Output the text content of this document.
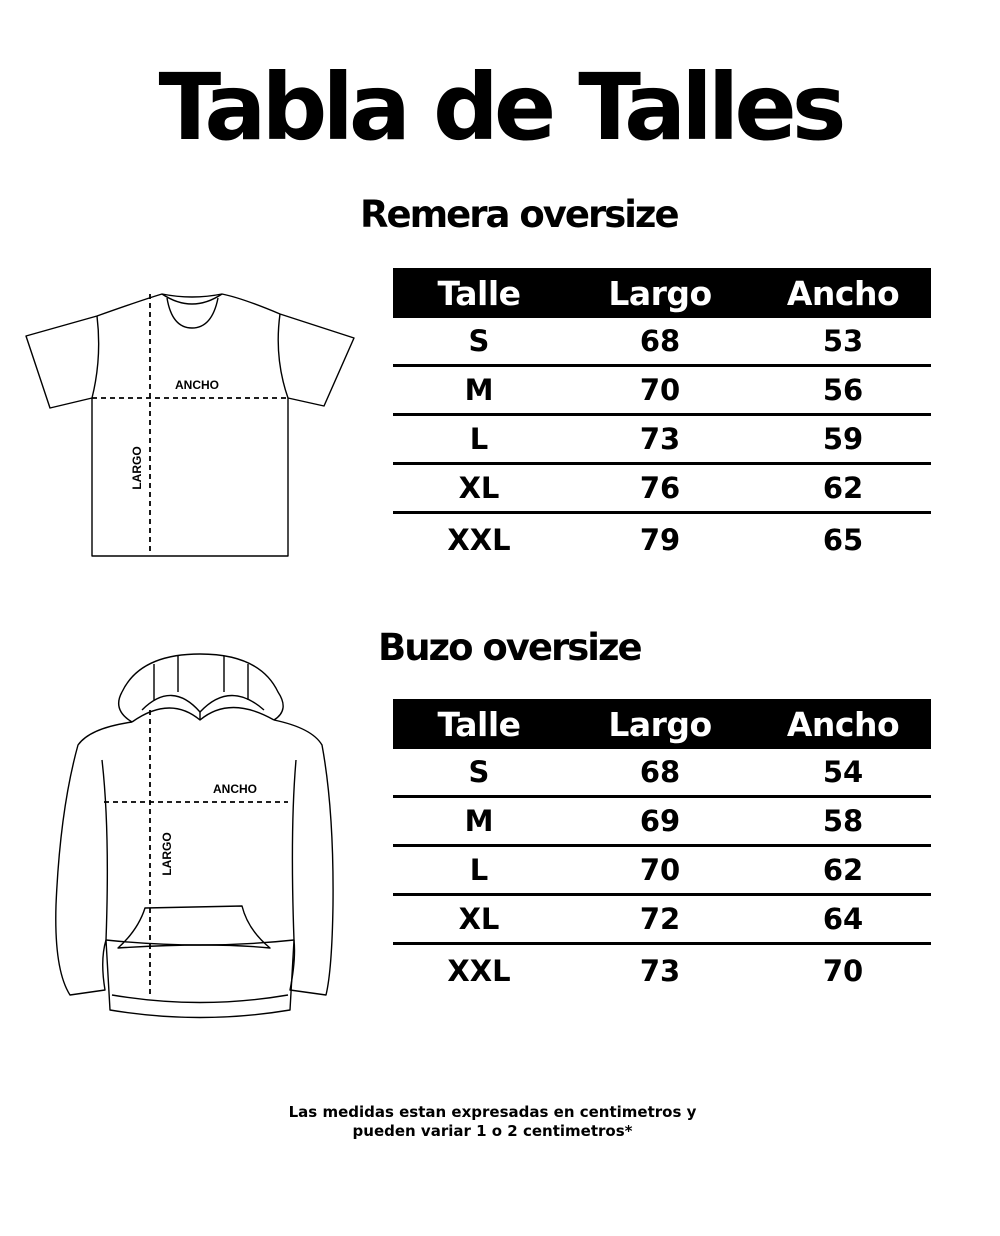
Tabla de Talles
Remera oversize
ANCHO
LARGO
Talle	Largo	Ancho
S	68	53
M	70	56
L	73	59
XL	76	62
XXL	79	65
Buzo oversize
ANCHO
LARGO
Talle	Largo	Ancho
S	68	54
M	69	58
L	70	62
XL	72	64
XXL	73	70
Las medidas estan expresadas en centimetros y
pueden variar 1 o 2 centimetros*
